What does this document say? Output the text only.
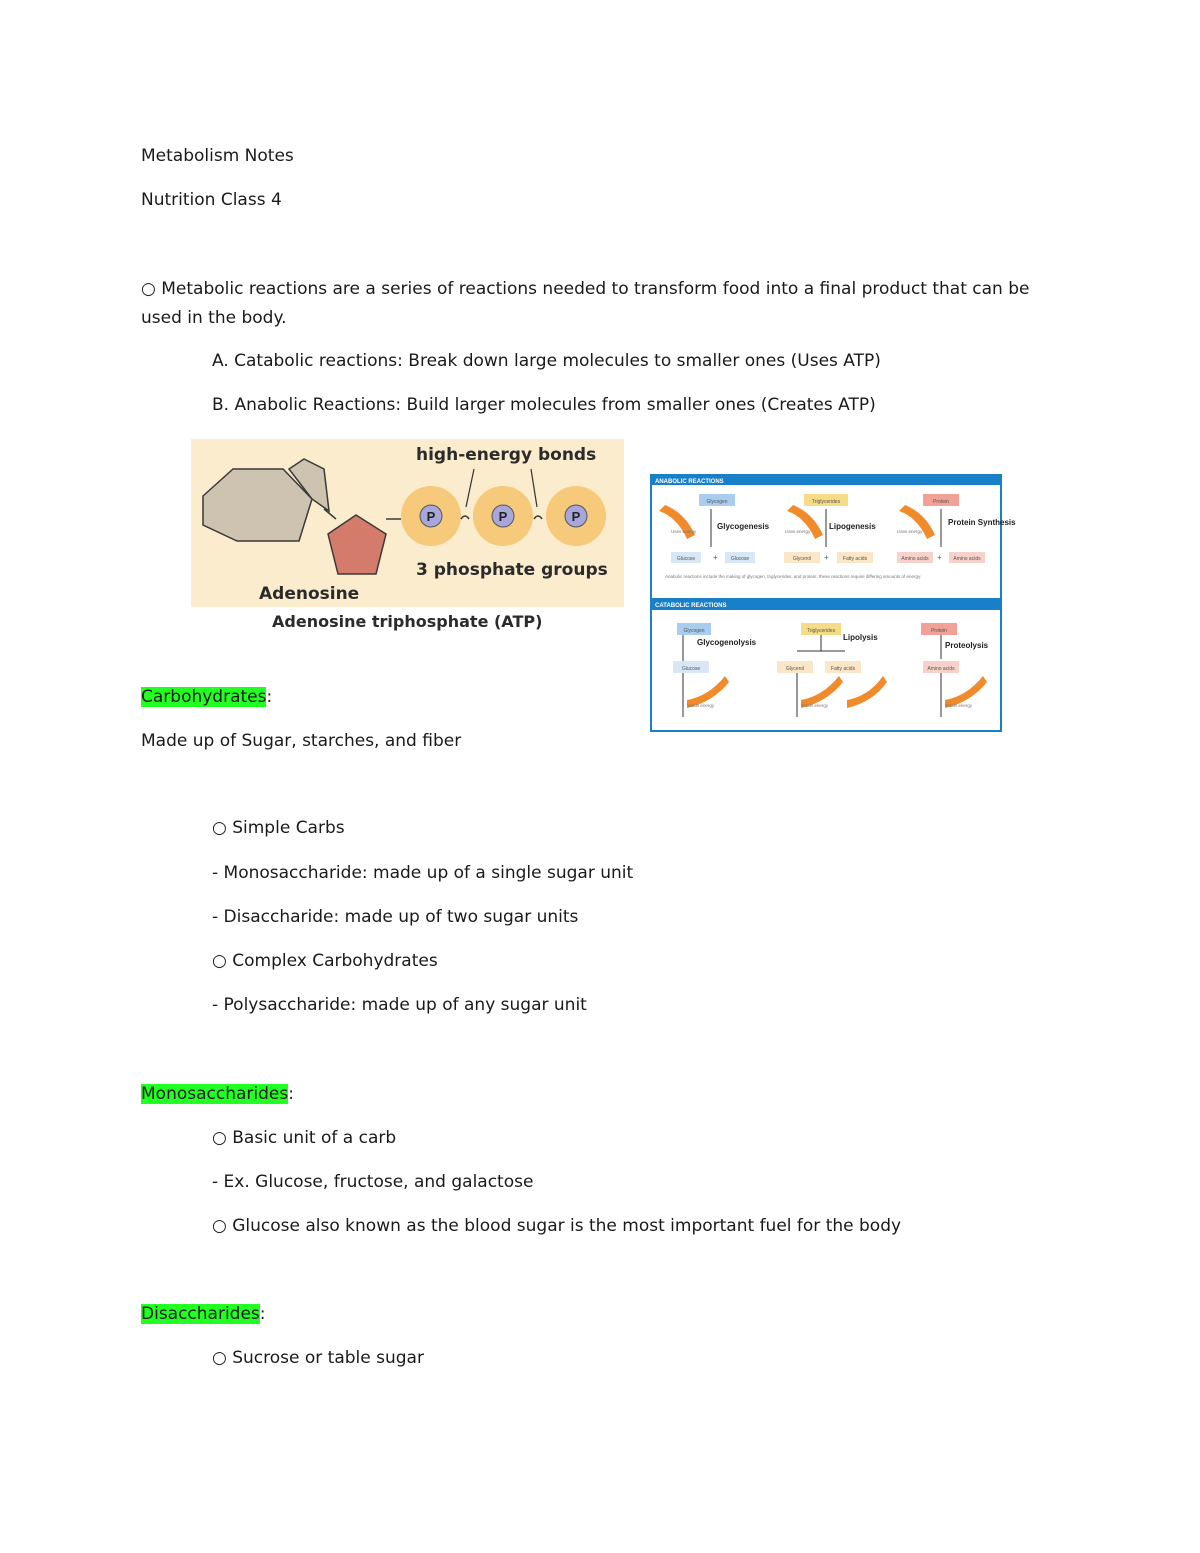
Metabolism Notes
Nutrition Class 4
○ Metabolic reactions are a series of reactions needed to transform food into a final product that can be
used in the body.
A. Catabolic reactions: Break down large molecules to smaller ones (Uses ATP)
B. Anabolic Reactions: Build larger molecules from smaller ones (Creates ATP)
P	P	P
high-energy bonds
3 phosphate groups
Adenosine
Adenosine triphosphate (ATP)
ANABOLIC REACTIONS
Glycogen
Glycogenesis
Uses energy
Glucose +	Glucose
Triglycerides
Lipogenesis
Uses energy
Glycerol +	Fatty acids
Protein
Protein Synthesis
Uses energy
Amino acids + Amino acids
Anabolic reactions include the making of glycogen, triglycerides, and protein; these reactions require differing amounts of energy.
CATABOLIC REACTIONS
Glycogen
Glycogenolysis
Glucose
Yields energy
Triglycerides
Lipolysis
Glycerol	Fatty acids
Yields energy
Protein
Proteolysis
Amino acids
Yields energy
Carbohydrates:
Made up of Sugar, starches, and fiber
○ Simple Carbs
- Monosaccharide: made up of a single sugar unit
- Disaccharide: made up of two sugar units
○ Complex Carbohydrates
- Polysaccharide: made up of any sugar unit
Monosaccharides:
○ Basic unit of a carb
- Ex. Glucose, fructose, and galactose
○ Glucose also known as the blood sugar is the most important fuel for the body
Disaccharides:
○ Sucrose or table sugar
